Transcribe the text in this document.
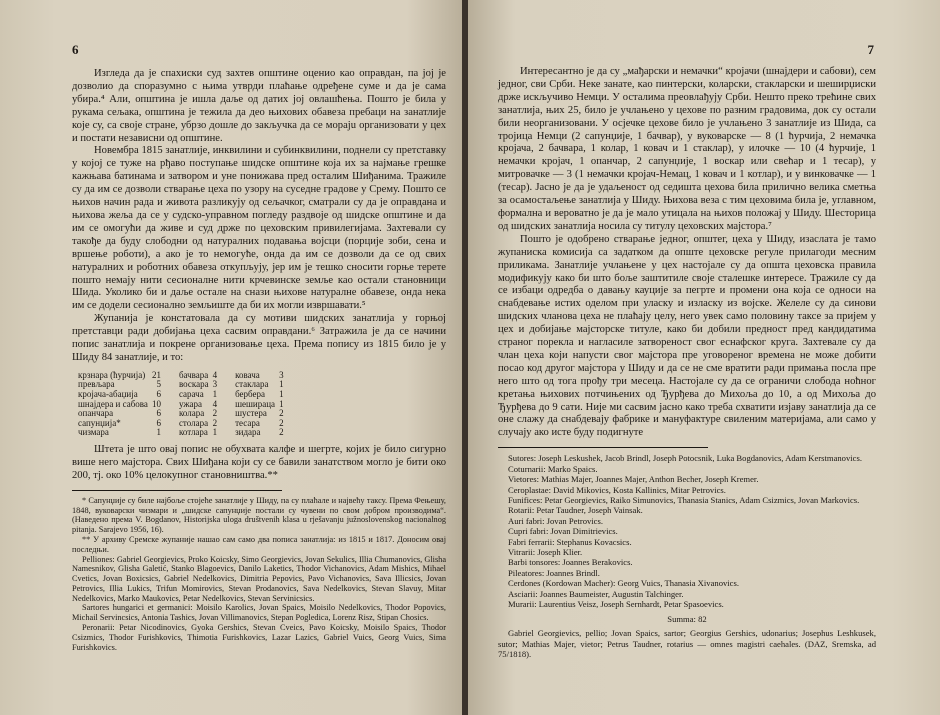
6

Изгледа да је спахиски суд захтев општине оценио као оправдан, па јој је дозволио да споразумно с њима утврди плаћање одређене суме и да је сама убира.⁴ Али, општина је ишла даље од датих јој овлашћења. Пошто је била у рукама сељака, општина је тежила да део њихових обавеза пребаци на занатлије које су, са своје стране, убрзо дошле до закључка да се мораju организовати у цех и постати независни од општине.

Новембра 1815 занатлије, инквилини и субинквилини, поднели су претставку у којој се туже на рђаво поступање шидске општине која их за најмање грешке кажњава батинама и затвором и уне понижава пред осталим Шиђанима. Тражиле су да им се дозволи стварање цеха по узору на суседне градове у Срему. Пошто се њихов начин рада и живота разликују од сељачког, сматрали су да је оправдана и њихова жеља да се у судско-управном погледу раздвоје од шидске општине и да им се омогући да живе и суд држе по цеховским привилегијама. Захтевали су такође да буду слободни од натуралних подавања војсци (порције зоби, сена и вршење роботи), а ако је то немогуће, онда да им се дозволи да се од свих натуралних и роботних обавеза откупљују, јер им је тешко сносити горње терете пошто немају нити сесионалне нити крчевинске земље као остали становници Шида. Уколико би и даље остале на снази њихове натуралне обавезе, онда нека им се додели сесионално земљиште да би их могли извршавати.⁵

Жупанија је констатовала да су мотиви шидских занатлија у горњој претставци ради добијања цеха сасвим оправдани.⁶ Затражила је да се начини попис занатлија и покрене организовање цеха. Према попису из 1815 било је у Шиду 84 занатлије, и то:

крзнара (ћурчија)	21	бачвара	4	ковача	3
превљара	5	воскара	3	стаклара	1
кројача-абаџија	6	сарача	1	берберa	1
шнајдера и сабова	10	ужара	4	шешираца	1
опанчара	6	колара	2	шустера	2
сапунџија*	6	столара	2	тесара	2
чизмара	1	котлара	1	зидара	2

Штета је што овај попис не обухвата калфе и шегрте, којих је било сигурно више него мајстора. Свих Шиђана који су се бавили занатством могло је бити око 200, тј. око 10% целокупног становништва.**

* Сапунџије су биле најбоље стојеће занатлије у Шиду, па су плаћале и највећу таксу. Према Фењешу, 1848, вуковарски чизмари и „шидске сапунџије постали су чувени по свом добром производима“. (Наведено према V. Bogdanov, Historijska uloga društvenih klasa u rješavanju južnoslovenskog nacionalnog pitanja. Sarajevo 1956, 16).

** У архиву Сремске жупаније нашао сам само два пописа занатлија: из 1815 и 1817. Доносим овај последњи.

Pelliones: Gabriel Georgievics, Proko Koicsky, Simo Georgievics, Jovan Sekulics, Illia Chumanovics, Glisha Namesnikov, Glisha Galetić, Stanko Blagoevics, Danilo Laketics, Thodor Vichanovics, Adam Mishics, Mihael Cvetics, Jovan Boxicsics, Gabriel Nedelkovics, Dimitria Pepovics, Pavo Vichanovics, Sava Illicsics, Jovan Petrovics, Illia Lukics, Trifun Momirovics, Stevan Prodanovics, Sava Nedelkovics, Stevan Slavuy, Mitar Nedelkovics, Marko Maukovics, Petar Nedelkovics, Stevan Servinicsics.

Sartores hungarici et germanici: Moisilo Karolics, Jovan Spaics, Moisilo Nedelkovics, Thodor Popovics, Michail Servincsics, Antonia Tashics, Jovan Villimanovics, Stepan Poglediса, Lorenz Risz, Stipan Chosics.

Peronarii: Petar Nicodinovics, Gyoka Gershics, Stevan Cveics, Pavo Koicsky, Moisilo Spaics, Thodor Csizmics, Thodor Furishkovics, Thimotia Furishkovics, Lazar Lazics, Gabriel Vuics, Georg Vuics, Sima Furishkovics.

7

Интересантно је да су „мађарски и немачки“ кројачи (шнајдери и сабови), сем једног, сви Срби. Неке занате, као пинтерски, коларски, стакларски и шеширџиски држе искључиво Немци. У осталима преовлађују Срби. Нешто преко трећине свих занатлија, њих 25, било је учлањено у цехове по разним градовима, док су остали били неорганизовани. У осјечке цехове било је учлањено 3 занатлије из Шида, са тројица Немци (2 сапунџије, 1 бачвар), у вуковарске — 8 (1 ћурчија, 2 немачка кројача, 2 бачвара, 1 колар, 1 ковач и 1 стаклар), у илочке — 10 (4 ћурчије, 1 немачки кројач, 1 опанчар, 2 сапунџије, 1 воскар или свећар и 1 тесар), у митровачке — 3 (1 немачки кројач-Немац, 1 ковач и 1 котлар), и у винковачке — 1 (тесар). Јасно је да је удаљеност од седишта цехова била прилично велика сметња за осамостаљење занатлија у Шиду. Њихова веза с тим цеховима била је, углавном, формална и вероватно је да је мало утицала на њихов положај у Шиду. Шесторица од шидских занатлија носила су титулу цеховских мајстора.⁷

Пошто је одобрено стварање једног, општег, цеха у Шиду, изаслата је тамо жупаниска комисија са задатком да опште цеховске регуле прилагоди месним приликама. Занатлије учлањене у цех настојале су да општа цеховска правила модификују како би што боље заштитиле своје сталешке интересе. Тражиле су да се избаци одредба о давању кауције за пегрте и промени она која се односи на снабдевање истих оделом при уласку и изласку из војске. Желеле су да синови шидских чланова цеха не плаћају целу, него увек само половину таксе за пријем у цех и добијање мајсторске титуле, како би добили предност пред кандидатима страног порекла и нагласиле затвореност свог еснафског круга. Захтевале су да члан цеха који напусти свог мајстора пре уговореног времена не може добити посао код другог мајстора у Шиду и да се не сме вратити ради примања посла пре него што од тога прођу три месеца. Настојале су да се ограничи слобода ноћног кретања њихових потчињених од Ђурђева до Михоља до 10, а од Михоља до Ђурђева до 9 сати. Није ми сасвим јасно како треба схватити изјаву занатлија да се оне слажу да снабдевају фабрике и мануфактуре свиленим материјама, али само у случају ако исте буду подигнуте

Sutores: Joseph Leskushek, Jacob Brindl, Joseph Potocsnik, Luka Bogdanovics, Adam Kerstmanovics.

Coturnarii: Marko Spaics.

Vietores: Mathias Majer, Joannes Majer, Anthon Becher, Joseph Kremer.

Ceroplastae: David Mikovics, Kosta Kallinics, Mitar Petrovics.

Funifices: Petar Georgievics, Raiko Simunovics, Thanasia Stanics, Adam Csizmics, Jovan Markovics.

Rotarii: Petar Taudner, Joseph Vainsak.

Auri fabri: Jovan Petrovics.

Cupri fabri: Jovan Dimitrievics.

Fabri ferrarii: Stephanus Kovacsics.

Vitrarii: Joseph Klier.

Barbi tonsores: Joannes Berakovics.

Pileatores: Joannes Brindl.

Cerdones (Kordowan Macher): Georg Vuics, Thanasia Xivanovics.

Asciarii: Joannes Baumeister, Augustin Talchinger.

Murarii: Laurentius Veisz, Joseph Sernhardt, Petar Spasoevics.

Summa: 82

Gabriel Georgievics, pellio; Jovan Spaics, sartor; Georgius Gershics, udonarius; Josephus Leshkusek, sutor; Mathias Majer, vietor; Petrus Taudner, rotarius — omnes magistri caehales. (DAZ, Sremska, ad 75/1818).
